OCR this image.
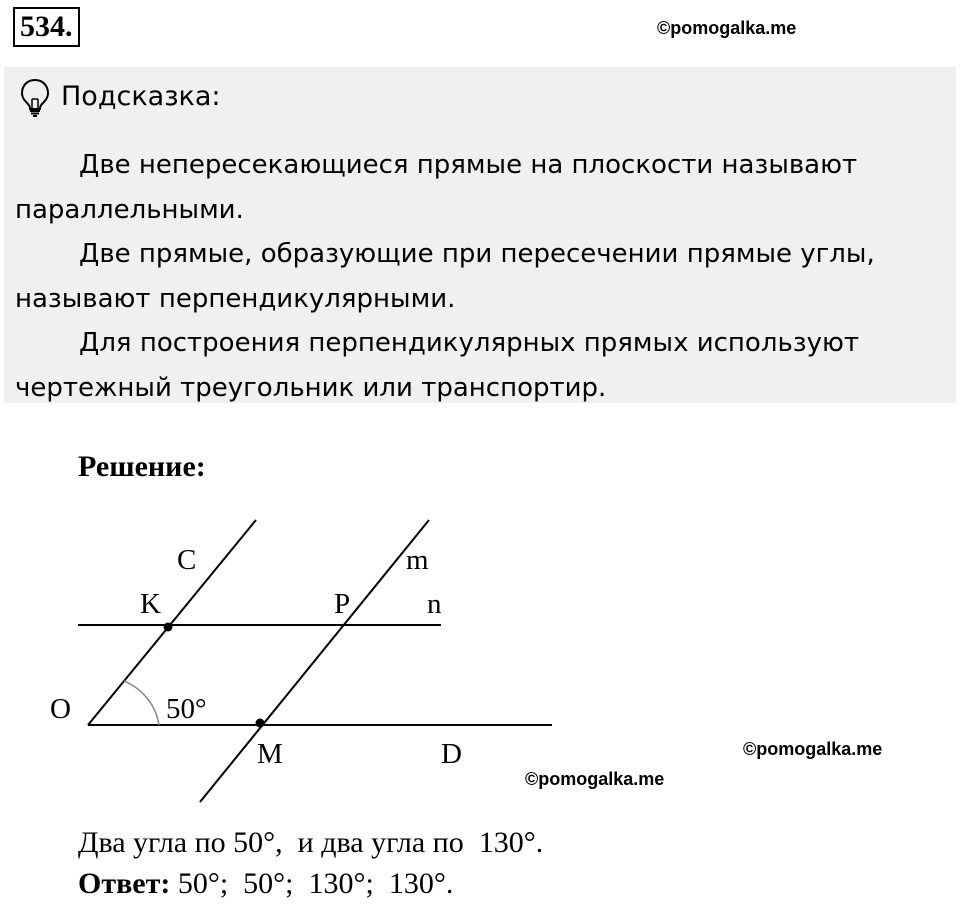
534.	©pomogalka.me
Подсказка:

Две непересекающиеся прямые на плоскости называют параллельными.

Две прямые, образующие при пересечении прямые углы, называют перпендикулярными.

Для построения перпендикулярных прямых используют чертежный треугольник или транспортир.

Решение:
C	m
K	P	n
O	50°
M	D	©pomogalka.me
©pomogalka.me
Два угла по 50°,  и два угла по  130°.
Ответ: 50°;  50°;  130°;  130°.
